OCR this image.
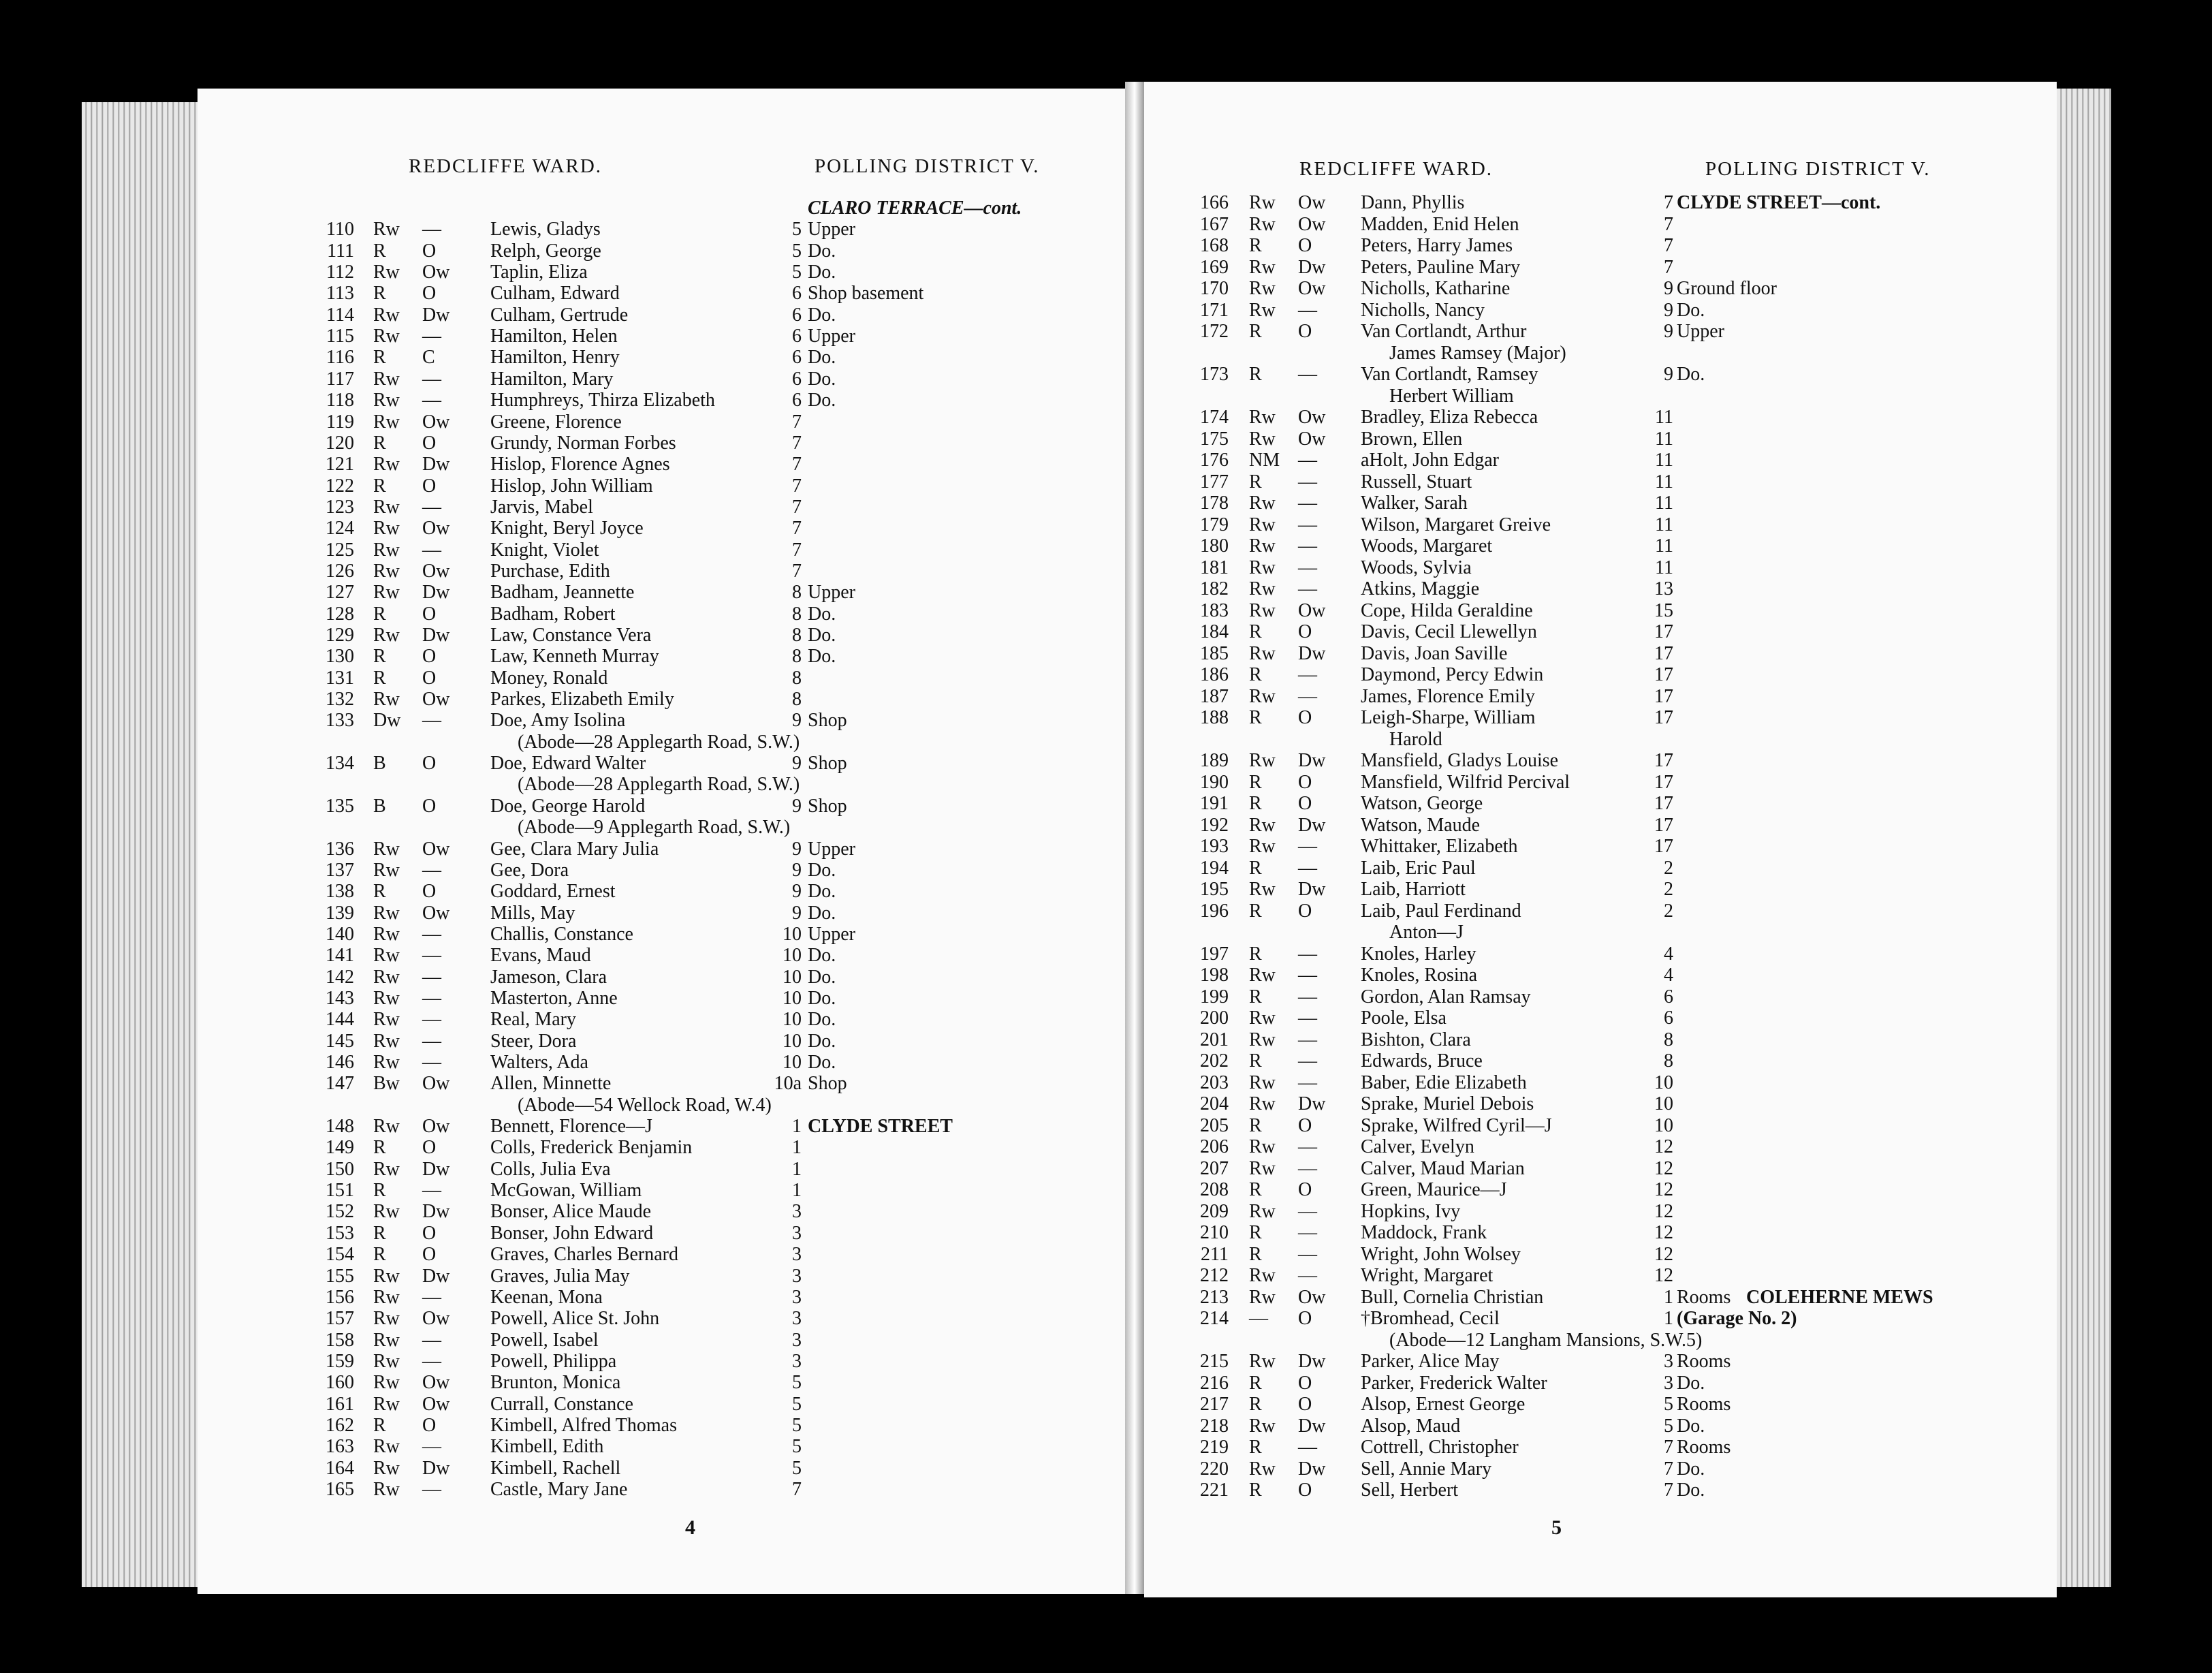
REDCLIFFE WARD.	POLLING DISTRICT V.	REDCLIFFE WARD.	POLLING DISTRICT V.
CLARO TERRACE—cont.
110 Rw —	Lewis, Gladys	5 Upper
111 R O	Relph, George	5 Do.
112 Rw Ow Taplin, Eliza	5 Do.
113 R O	Culham, Edward	6 Shop basement
114 Rw Dw Culham, Gertrude	6 Do.
115 Rw —	Hamilton, Helen	6 Upper
116 R C	Hamilton, Henry	6 Do.
117 Rw —	Hamilton, Mary	6 Do.
118 Rw —	Humphreys, Thirza Elizabeth	6 Do.
119 Rw Ow Greene, Florence	7
120 R O	Grundy, Norman Forbes	7
121 Rw Dw Hislop, Florence Agnes	7
122 R O	Hislop, John William	7
123 Rw —	Jarvis, Mabel	7
124 Rw Ow Knight, Beryl Joyce	7
125 Rw —	Knight, Violet	7
126 Rw Ow Purchase, Edith	7
127 Rw Dw Badham, Jeannette	8 Upper
128 R O	Badham, Robert	8 Do.
129 Rw Dw Law, Constance Vera	8 Do.
130 R O	Law, Kenneth Murray	8 Do.
131 R O	Money, Ronald	8
132 Rw Ow Parkes, Elizabeth Emily	8
133 Dw —	Doe, Amy Isolina	9 Shop
(Abode—28 Applegarth Road, S.W.)
134 B O	Doe, Edward Walter	9 Shop
(Abode—28 Applegarth Road, S.W.)
135 B O	Doe, George Harold	9 Shop
(Abode—9 Applegarth Road, S.W.)
136 Rw Ow Gee, Clara Mary Julia	9 Upper
137 Rw —	Gee, Dora	9 Do.
138 R O	Goddard, Ernest	9 Do.
139 Rw Ow Mills, May	9 Do.
140 Rw —	Challis, Constance	10 Upper
141 Rw —	Evans, Maud	10 Do.
142 Rw —	Jameson, Clara	10 Do.
143 Rw —	Masterton, Anne	10 Do.
144 Rw —	Real, Mary	10 Do.
145 Rw —	Steer, Dora	10 Do.
146 Rw —	Walters, Ada	10 Do.
147 Bw Ow Allen, Minnette	10a Shop
(Abode—54 Wellock Road, W.4)
148 Rw Ow Bennett, Florence—J	1 CLYDE STREET
149 R O	Colls, Frederick Benjamin	1
150 Rw Dw Colls, Julia Eva	1
151 R —	McGowan, William	1
152 Rw Dw Bonser, Alice Maude	3
153 R O	Bonser, John Edward	3
154 R O	Graves, Charles Bernard	3
155 Rw Dw Graves, Julia May	3
156 Rw —	Keenan, Mona	3
157 Rw Ow Powell, Alice St. John	3
158 Rw —	Powell, Isabel	3
159 Rw —	Powell, Philippa	3
160 Rw Ow Brunton, Monica	5
161 Rw Ow Currall, Constance	5
162 R O	Kimbell, Alfred Thomas	5
163 Rw —	Kimbell, Edith	5
164 Rw Dw Kimbell, Rachell	5
165 Rw —	Castle, Mary Jane	7
166 Rw Ow Dann, Phyllis	7 CLYDE STREET—cont.
167 Rw Ow Madden, Enid Helen	7
168 R O	Peters, Harry James	7
169 Rw Dw Peters, Pauline Mary	7
170 Rw Ow Nicholls, Katharine	9 Ground floor
171 Rw — Nicholls, Nancy	9 Do.
172 R O	Van Cortlandt, Arthur	9 Upper
James Ramsey (Major)
173 R — Van Cortlandt, Ramsey	9 Do.
Herbert William
174 Rw Ow Bradley, Eliza Rebecca	11
175 Rw Ow Brown, Ellen	11
176 NM — aHolt, John Edgar	11
177 R — Russell, Stuart	11
178 Rw — Walker, Sarah	11
179 Rw — Wilson, Margaret Greive	11
180 Rw — Woods, Margaret	11
181 Rw — Woods, Sylvia	11
182 Rw — Atkins, Maggie	13
183 Rw Ow Cope, Hilda Geraldine	15
184 R O	Davis, Cecil Llewellyn	17
185 Rw Dw Davis, Joan Saville	17
186 R — Daymond, Percy Edwin	17
187 Rw — James, Florence Emily	17
188 R O	Leigh-Sharpe, William	17
Harold
189 Rw Dw Mansfield, Gladys Louise	17
190 R O	Mansfield, Wilfrid Percival	17
191 R O	Watson, George	17
192 Rw Dw Watson, Maude	17
193 Rw — Whittaker, Elizabeth	17
194 R — Laib, Eric Paul	2
195 Rw Dw Laib, Harriott	2
196 R O	Laib, Paul Ferdinand	2
Anton—J
197 R — Knoles, Harley	4
198 Rw — Knoles, Rosina	4
199 R — Gordon, Alan Ramsay	6
200 Rw — Poole, Elsa	6
201 Rw — Bishton, Clara	8
202 R — Edwards, Bruce	8
203 Rw — Baber, Edie Elizabeth	10
204 Rw Dw Sprake, Muriel Debois	10
205 R O	Sprake, Wilfred Cyril—J	10
206 Rw — Calver, Evelyn	12
207 Rw — Calver, Maud Marian	12
208 R O	Green, Maurice—J	12
209 Rw — Hopkins, Ivy	12
210 R — Maddock, Frank	12
211 R — Wright, John Wolsey	12
212 Rw — Wright, Margaret	12
213 Rw Ow Bull, Cornelia Christian	1 Rooms COLEHERNE MEWS
214 — O	†Bromhead, Cecil	1 (Garage No. 2)
(Abode—12 Langham Mansions, S.W.5)
215 Rw Dw Parker, Alice May	3 Rooms
216 R O	Parker, Frederick Walter	3 Do.
217 R O	Alsop, Ernest George	5 Rooms
218 Rw Dw Alsop, Maud	5 Do.
219 R — Cottrell, Christopher	7 Rooms
220 Rw Dw Sell, Annie Mary	7 Do.
221 R O	Sell, Herbert	7 Do.
4	5
